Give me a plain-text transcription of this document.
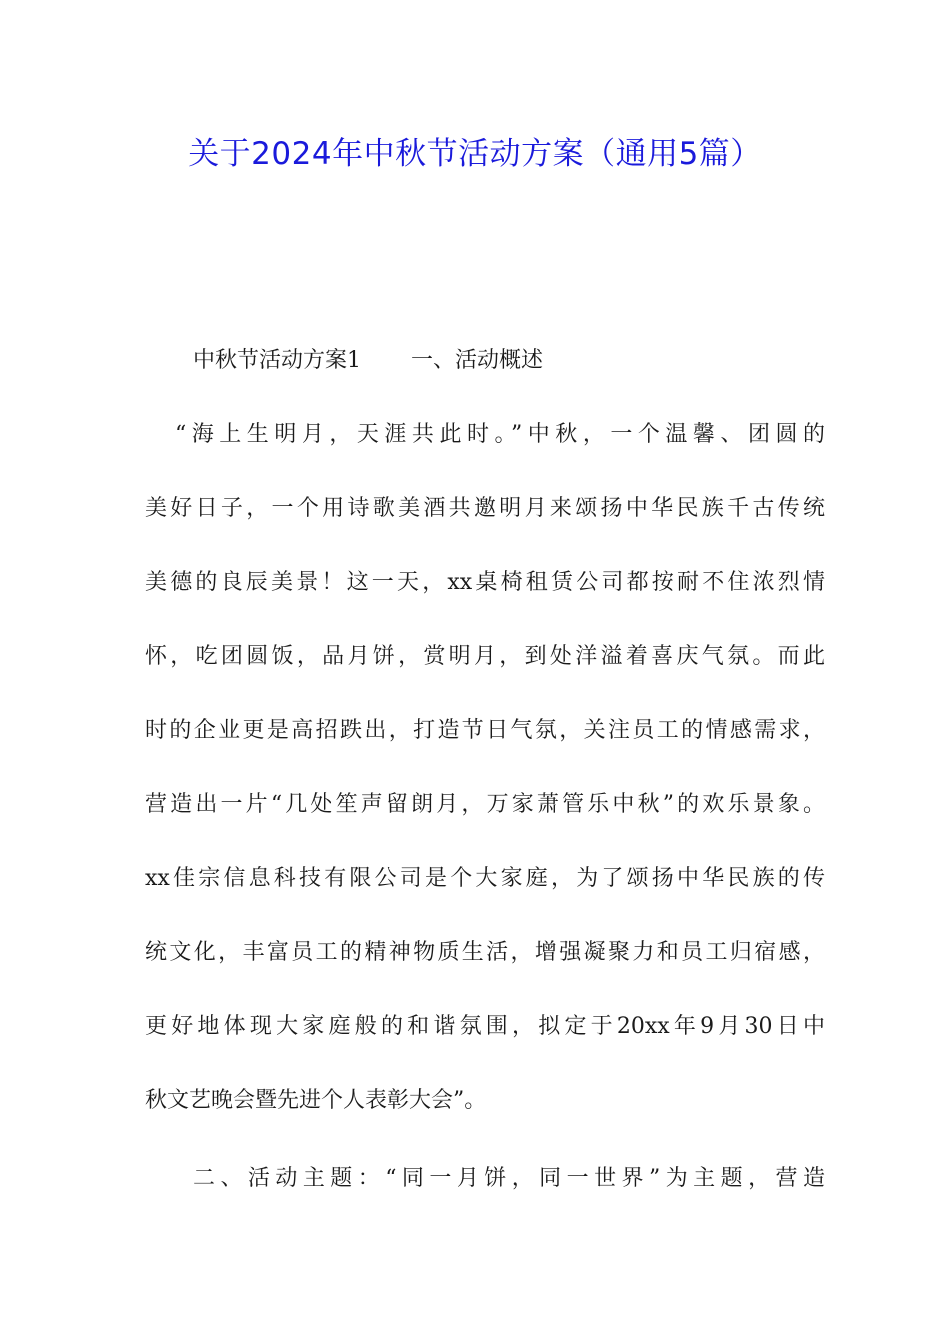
关于2024年中秋节活动方案（通用5篇）
中秋节活动方案1 一、活动概述
“海上生明月，天涯共此时。”中秋，一个温馨、团圆的
美好日子，一个用诗歌美酒共邀明月来颂扬中华民族千古传统
美德的良辰美景！这一天，xx桌椅租赁公司都按耐不住浓烈情
怀，吃团圆饭，品月饼，赏明月，到处洋溢着喜庆气氛。而此
时的企业更是高招跌出，打造节日气氛，关注员工的情感需求，
营造出一片“几处笙声留朗月，万家萧管乐中秋”的欢乐景象。
xx佳宗信息科技有限公司是个大家庭，为了颂扬中华民族的传
统文化，丰富员工的精神物质生活，增强凝聚力和员工归宿感，
更好地体现大家庭般的和谐氛围，拟定于20xx年9月30日中
秋文艺晚会暨先进个人表彰大会”。
二、活动主题：“同一月饼，同一世界”为主题，营造
